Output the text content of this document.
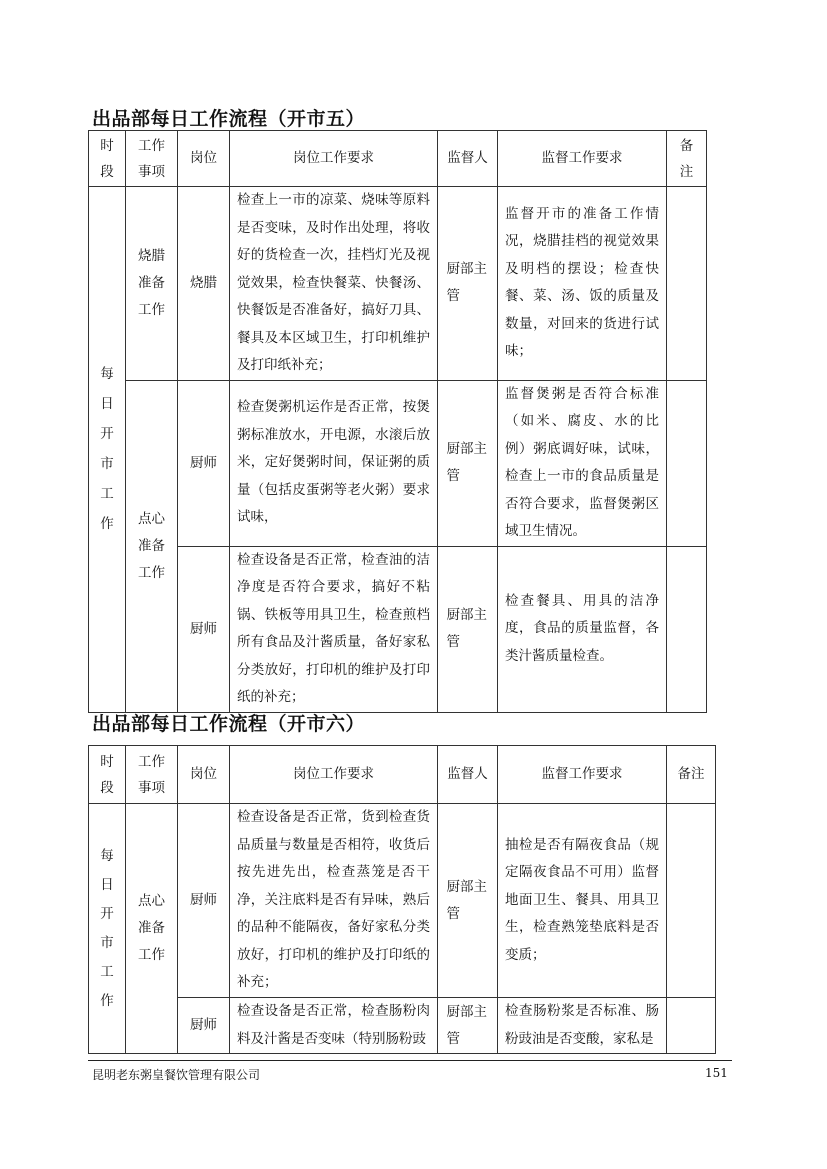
出品部每日工作流程（开市五）
时段	工作事项	岗位	岗位工作要求	监督人	监督工作要求	备注

每日开市工作	烧腊准备工作	烧腊	检查上一市的凉菜、烧味等原料是否变味，及时作出处理，将收好的货检查一次，挂档灯光及视觉效果，检查快餐菜、快餐汤、快餐饭是否准备好，搞好刀具、餐具及本区域卫生，打印机维护及打印纸补充；	厨部主管	监督开市的准备工作情况，烧腊挂档的视觉效果及明档的摆设；检查快餐、菜、汤、饭的质量及数量，对回来的货进行试味；	

	点心准备工作	厨师	检查煲粥机运作是否正常，按煲粥标准放水，开电源，水滚后放米，定好煲粥时间，保证粥的质量（包括皮蛋粥等老火粥）要求试味，	厨部主管	监督煲粥是否符合标准（如米、腐皮、水的比例）粥底调好味，试味，检查上一市的食品质量是否符合要求，监督煲粥区域卫生情况。	
		厨师	检查设备是否正常，检查油的洁净度是否符合要求，搞好不粘锅、铁板等用具卫生，检查煎档所有食品及汁酱质量，备好家私分类放好，打印机的维护及打印纸的补充；	厨部主管	检查餐具、用具的洁净度，食品的质量监督，各类汁酱质量检查。	
出品部每日工作流程（开市六）
时段	工作事项	岗位	岗位工作要求	监督人	监督工作要求	备注

每日开市工作	点心准备工作	厨师	检查设备是否正常，货到检查货品质量与数量是否相符，收货后按先进先出，检查蒸笼是否干净，关注底料是否有异味，熟后的品种不能隔夜，备好家私分类放好，打印机的维护及打印纸的补充；	厨部主管	抽检是否有隔夜食品（规定隔夜食品不可用）监督地面卫生、餐具、用具卫生，检查熟笼垫底料是否变质；	
		厨师	检查设备是否正常，检查肠粉肉料及汁酱是否变味（特别肠粉豉	厨部主管	检查肠粉浆是否标准、肠粉豉油是否变酸，家私是	
昆明老东粥皇餐饮管理有限公司	151
